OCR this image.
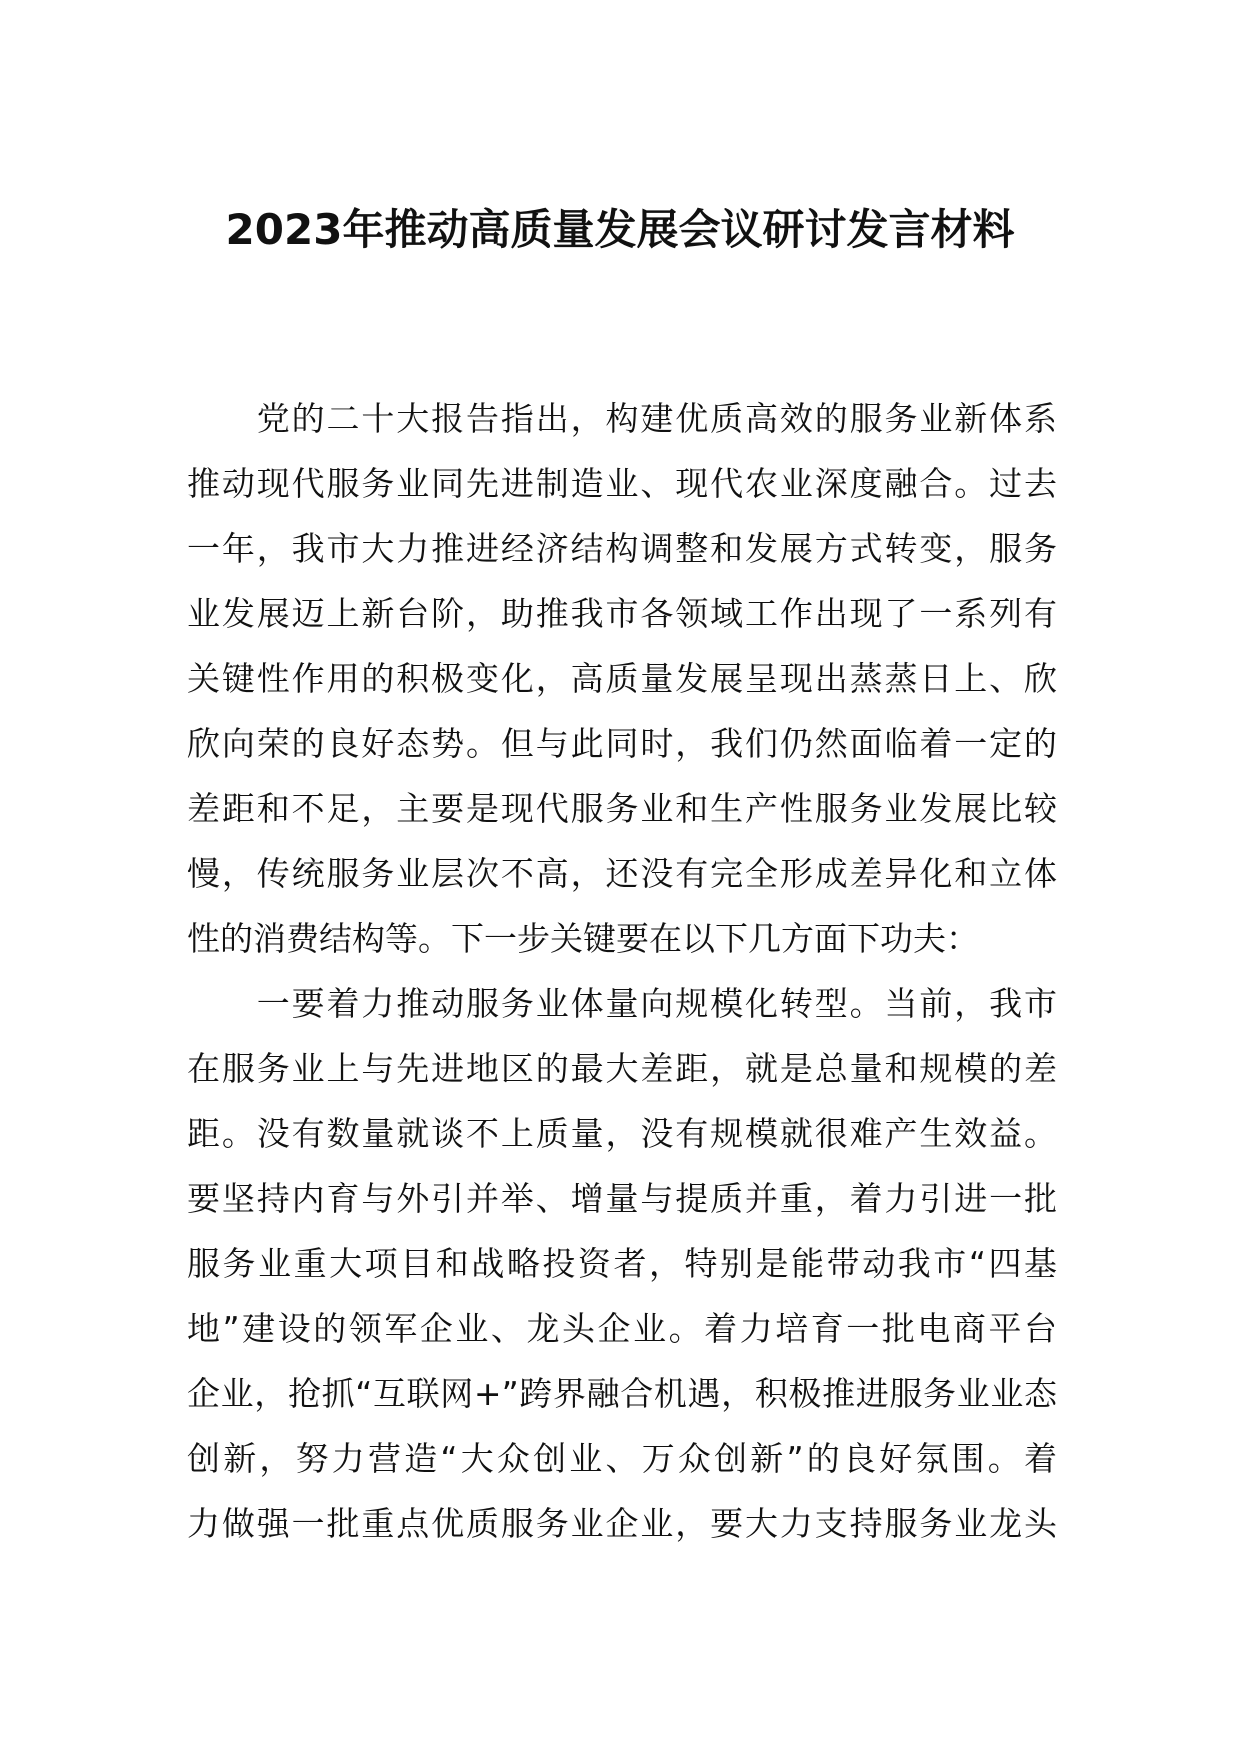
2023年推动高质量发展会议研讨发言材料
　　党的二十大报告指出，构建优质高效的服务业新体系
推动现代服务业同先进制造业、现代农业深度融合。过去
一年，我市大力推进经济结构调整和发展方式转变，服务
业发展迈上新台阶，助推我市各领域工作出现了一系列有
关键性作用的积极变化，高质量发展呈现出蒸蒸日上、欣
欣向荣的良好态势。但与此同时，我们仍然面临着一定的
差距和不足，主要是现代服务业和生产性服务业发展比较
慢，传统服务业层次不高，还没有完全形成差异化和立体
性的消费结构等。下一步关键要在以下几方面下功夫：
　　一要着力推动服务业体量向规模化转型。当前，我市
在服务业上与先进地区的最大差距，就是总量和规模的差
距。没有数量就谈不上质量，没有规模就很难产生效益。
要坚持内育与外引并举、增量与提质并重，着力引进一批
服务业重大项目和战略投资者，特别是能带动我市“四基
地”建设的领军企业、龙头企业。着力培育一批电商平台
企业，抢抓“互联网+”跨界融合机遇，积极推进服务业业态
创新，努力营造“大众创业、万众创新”的良好氛围。着
力做强一批重点优质服务业企业，要大力支持服务业龙头
